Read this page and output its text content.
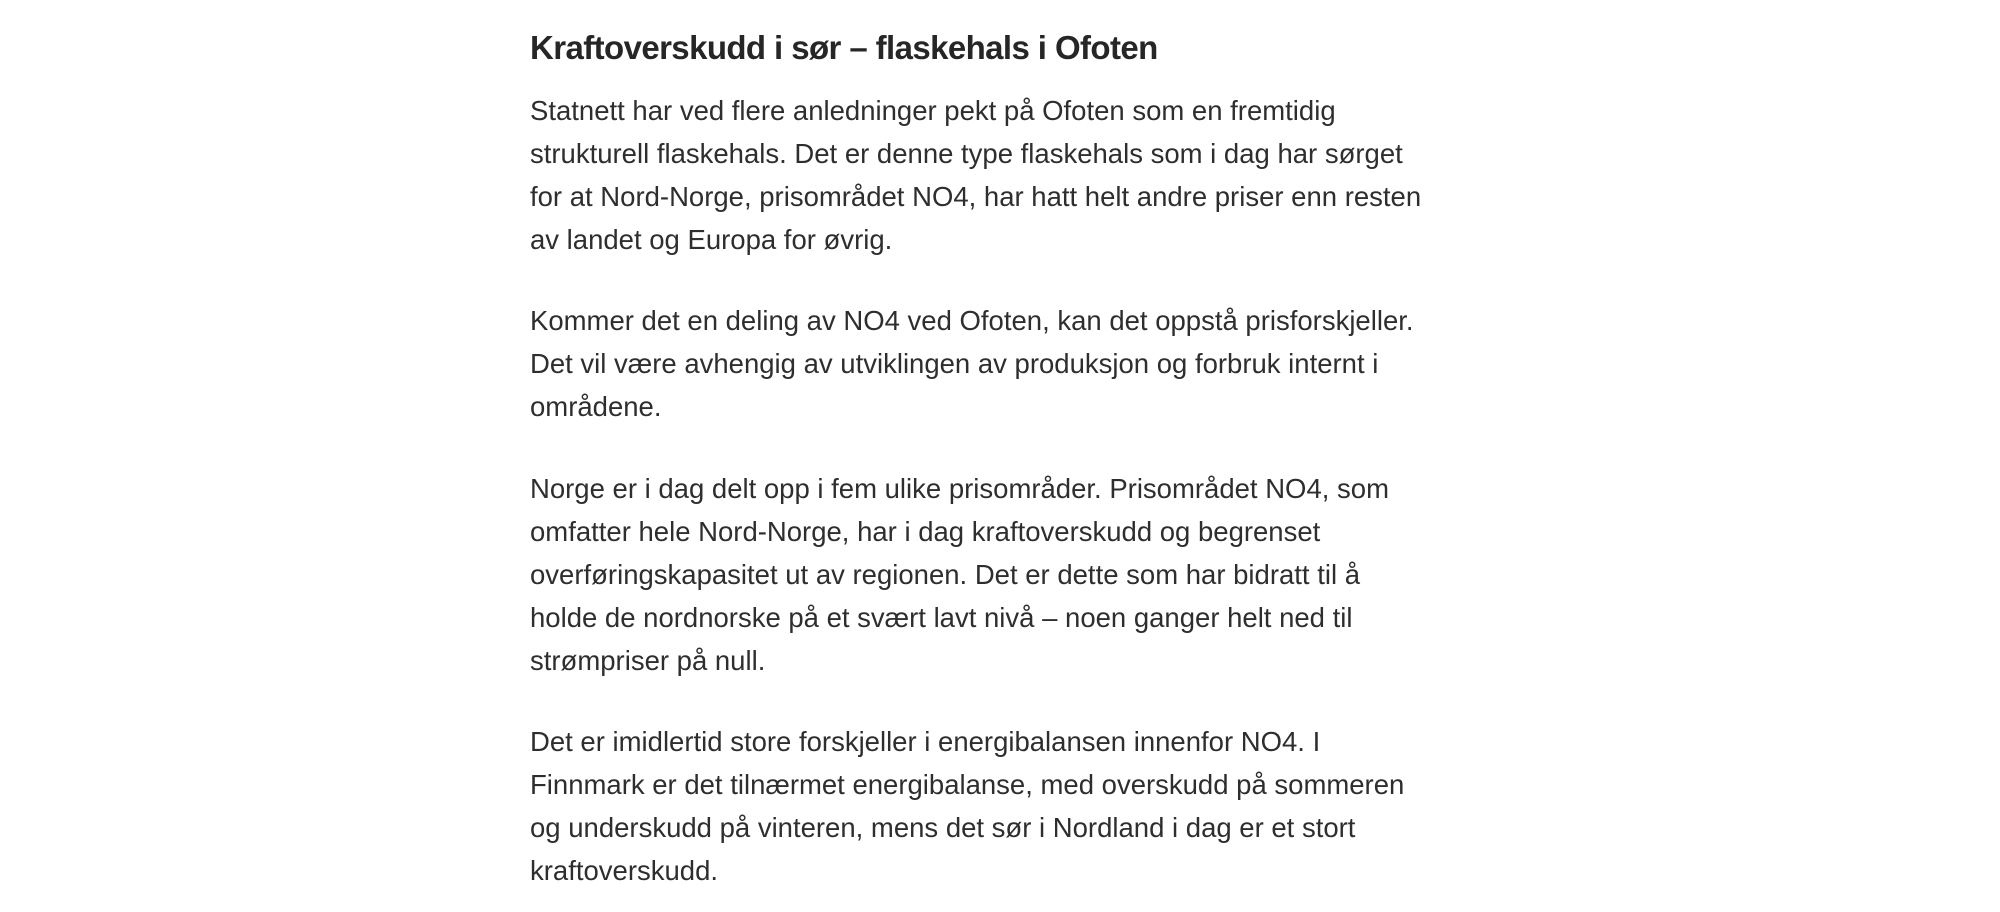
Kraftoverskudd i sør – flaskehals i Ofoten

Statnett har ved flere anledninger pekt på Ofoten som en fremtidig
strukturell flaskehals. Det er denne type flaskehals som i dag har sørget
for at Nord-Norge, prisområdet NO4, har hatt helt andre priser enn resten
av landet og Europa for øvrig.

Kommer det en deling av NO4 ved Ofoten, kan det oppstå prisforskjeller.
Det vil være avhengig av utviklingen av produksjon og forbruk internt i
områdene.

Norge er i dag delt opp i fem ulike prisområder. Prisområdet NO4, som
omfatter hele Nord-Norge, har i dag kraftoverskudd og begrenset
overføringskapasitet ut av regionen. Det er dette som har bidratt til å
holde de nordnorske på et svært lavt nivå – noen ganger helt ned til
strømpriser på null.

Det er imidlertid store forskjeller i energibalansen innenfor NO4. I
Finnmark er det tilnærmet energibalanse, med overskudd på sommeren
og underskudd på vinteren, mens det sør i Nordland i dag er et stort
kraftoverskudd.
